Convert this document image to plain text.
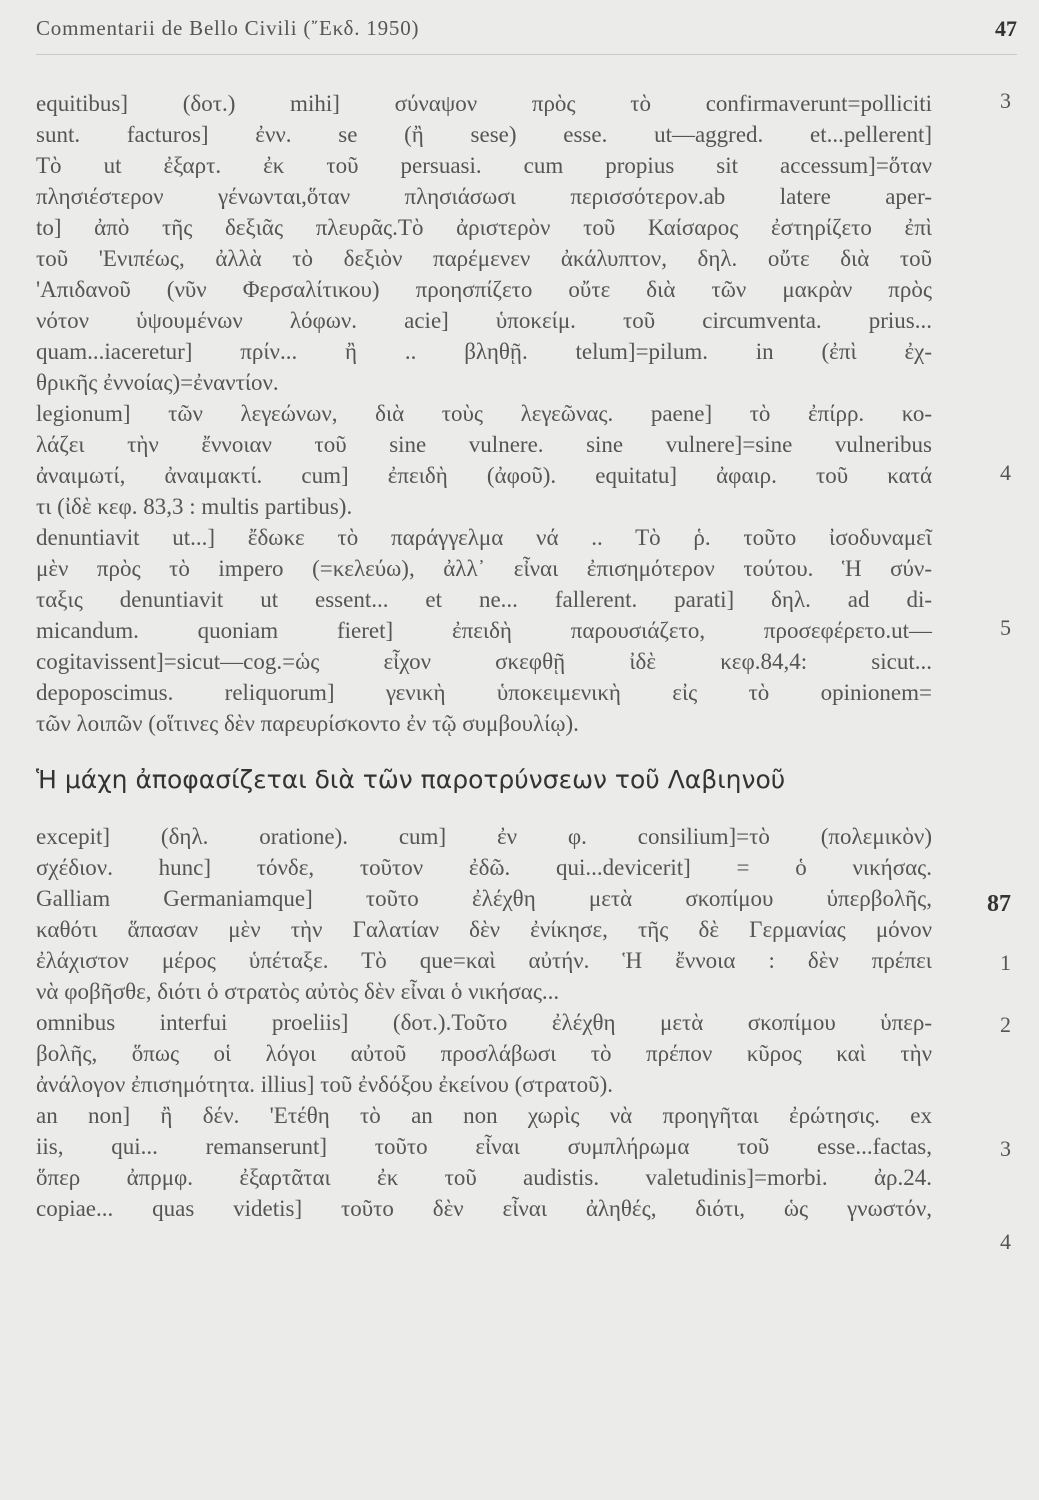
Commentarii de Bello Civili (῎Εκδ. 1950)	47
equitibus] (δοτ.) mihi] σύναψον πρὸς τὸ confirmaverunt=polliciti
sunt. facturos] ἐνν. se (ἢ sese) esse. ut—aggred. et...pellerent]
Τὸ ut ἐξαρτ. ἐκ τοῦ persuasi. cum propius sit accessum]=ὅταν
πλησιέστερον γένωνται,ὅταν πλησιάσωσι περισσότερον.ab latere aper-
to] ἀπὸ τῆς δεξιᾶς πλευρᾶς.Τὸ ἀριστερὸν τοῦ Καίσαρος ἐστηρίζετο ἐπὶ
τοῦ 'Ενιπέως, ἀλλὰ τὸ δεξιὸν παρέμενεν ἀκάλυπτον, δηλ. οὔτε διὰ τοῦ
'Απιδανοῦ (νῦν Φερσαλίτικου) προησπίζετο οὔτε διὰ τῶν μακρὰν πρὸς
νότον ὑψουμένων λόφων. acie] ὑποκείμ. τοῦ circumventa. prius...
quam...iaceretur] πρίν... ἢ .. βληθῇ. telum]=pilum. in (ἐπὶ ἐχ-
θρικῆς ἐννοίας)=ἐναντίον.
legionum] τῶν λεγεώνων, διὰ τοὺς λεγεῶνας. paene] τὸ ἐπίρρ. κο-
λάζει τὴν ἔννοιαν τοῦ sine vulnere. sine vulnere]=sine vulneribus
ἀναιμωτί, ἀναιμακτί. cum] ἐπειδὴ (ἀφοῦ). equitatu] ἀφαιρ. τοῦ κατά
τι (ἰδὲ κεφ. 83,3 : multis partibus).
denuntiavit ut...] ἔδωκε τὸ παράγγελμα νά .. Τὸ ῥ. τοῦτο ἰσοδυναμεῖ
μὲν πρὸς τὸ impero (=κελεύω), ἀλλ᾽ εἶναι ἐπισημότερον τούτου. Ἡ σύν-
ταξις denuntiavit ut essent... et ne... fallerent. parati] δηλ. ad di-
micandum. quoniam fieret] ἐπειδὴ παρουσιάζετο, προσεφέρετο.ut—
cogitavissent]=sicut—cog.=ὡς εἶχον σκεφθῇ ἰδὲ κεφ.84,4: sicut...
depoposcimus. reliquorum] γενικὴ ὑποκειμενικὴ εἰς τὸ opinionem=
τῶν λοιπῶν (οἵτινες δὲν παρευρίσκοντο ἐν τῷ συμβουλίῳ).
Ἡ μάχη ἀποφασίζεται διὰ τῶν παροτρύνσεων τοῦ Λαβιηνοῦ
excepit] (δηλ. oratione). cum] ἐν φ. consilium]=τὸ (πολεμικὸν)
σχέδιον. hunc] τόνδε, τοῦτον ἐδῶ. qui...devicerit] = ὁ νικήσας.
Galliam Germaniamque] τοῦτο ἐλέχθη μετὰ σκοπίμου ὑπερβολῆς,
καθότι ἅπασαν μὲν τὴν Γαλατίαν δὲν ἐνίκησε, τῆς δὲ Γερμανίας μόνον
ἐλάχιστον μέρος ὑπέταξε. Τὸ que=καὶ αὐτήν. Ἡ ἔννοια : δὲν πρέπει
νὰ φοβῆσθε, διότι ὁ στρατὸς αὐτὸς δὲν εἶναι ὁ νικήσας...
omnibus interfui proeliis] (δοτ.).Τοῦτο ἐλέχθη μετὰ σκοπίμου ὑπερ-
βολῆς, ὅπως οἱ λόγοι αὐτοῦ προσλάβωσι τὸ πρέπον κῦρος καὶ τὴν
ἀνάλογον ἐπισημότητα. illius] τοῦ ἐνδόξου ἐκείνου (στρατοῦ).
an non] ἢ δέν. 'Ετέθη τὸ an non χωρὶς νὰ προηγῆται ἐρώτησις. ex
iis, qui... remanserunt] τοῦτο εἶναι συμπλήρωμα τοῦ esse...factas,
ὅπερ ἀπρμφ. ἐξαρτᾶται ἐκ τοῦ audistis. valetudinis]=morbi. ἀρ.24.
copiae... quas videtis] τοῦτο δὲν εἶναι ἀληθές, διότι, ὡς γνωστόν,
3
4
5
87
1
2
3
4
